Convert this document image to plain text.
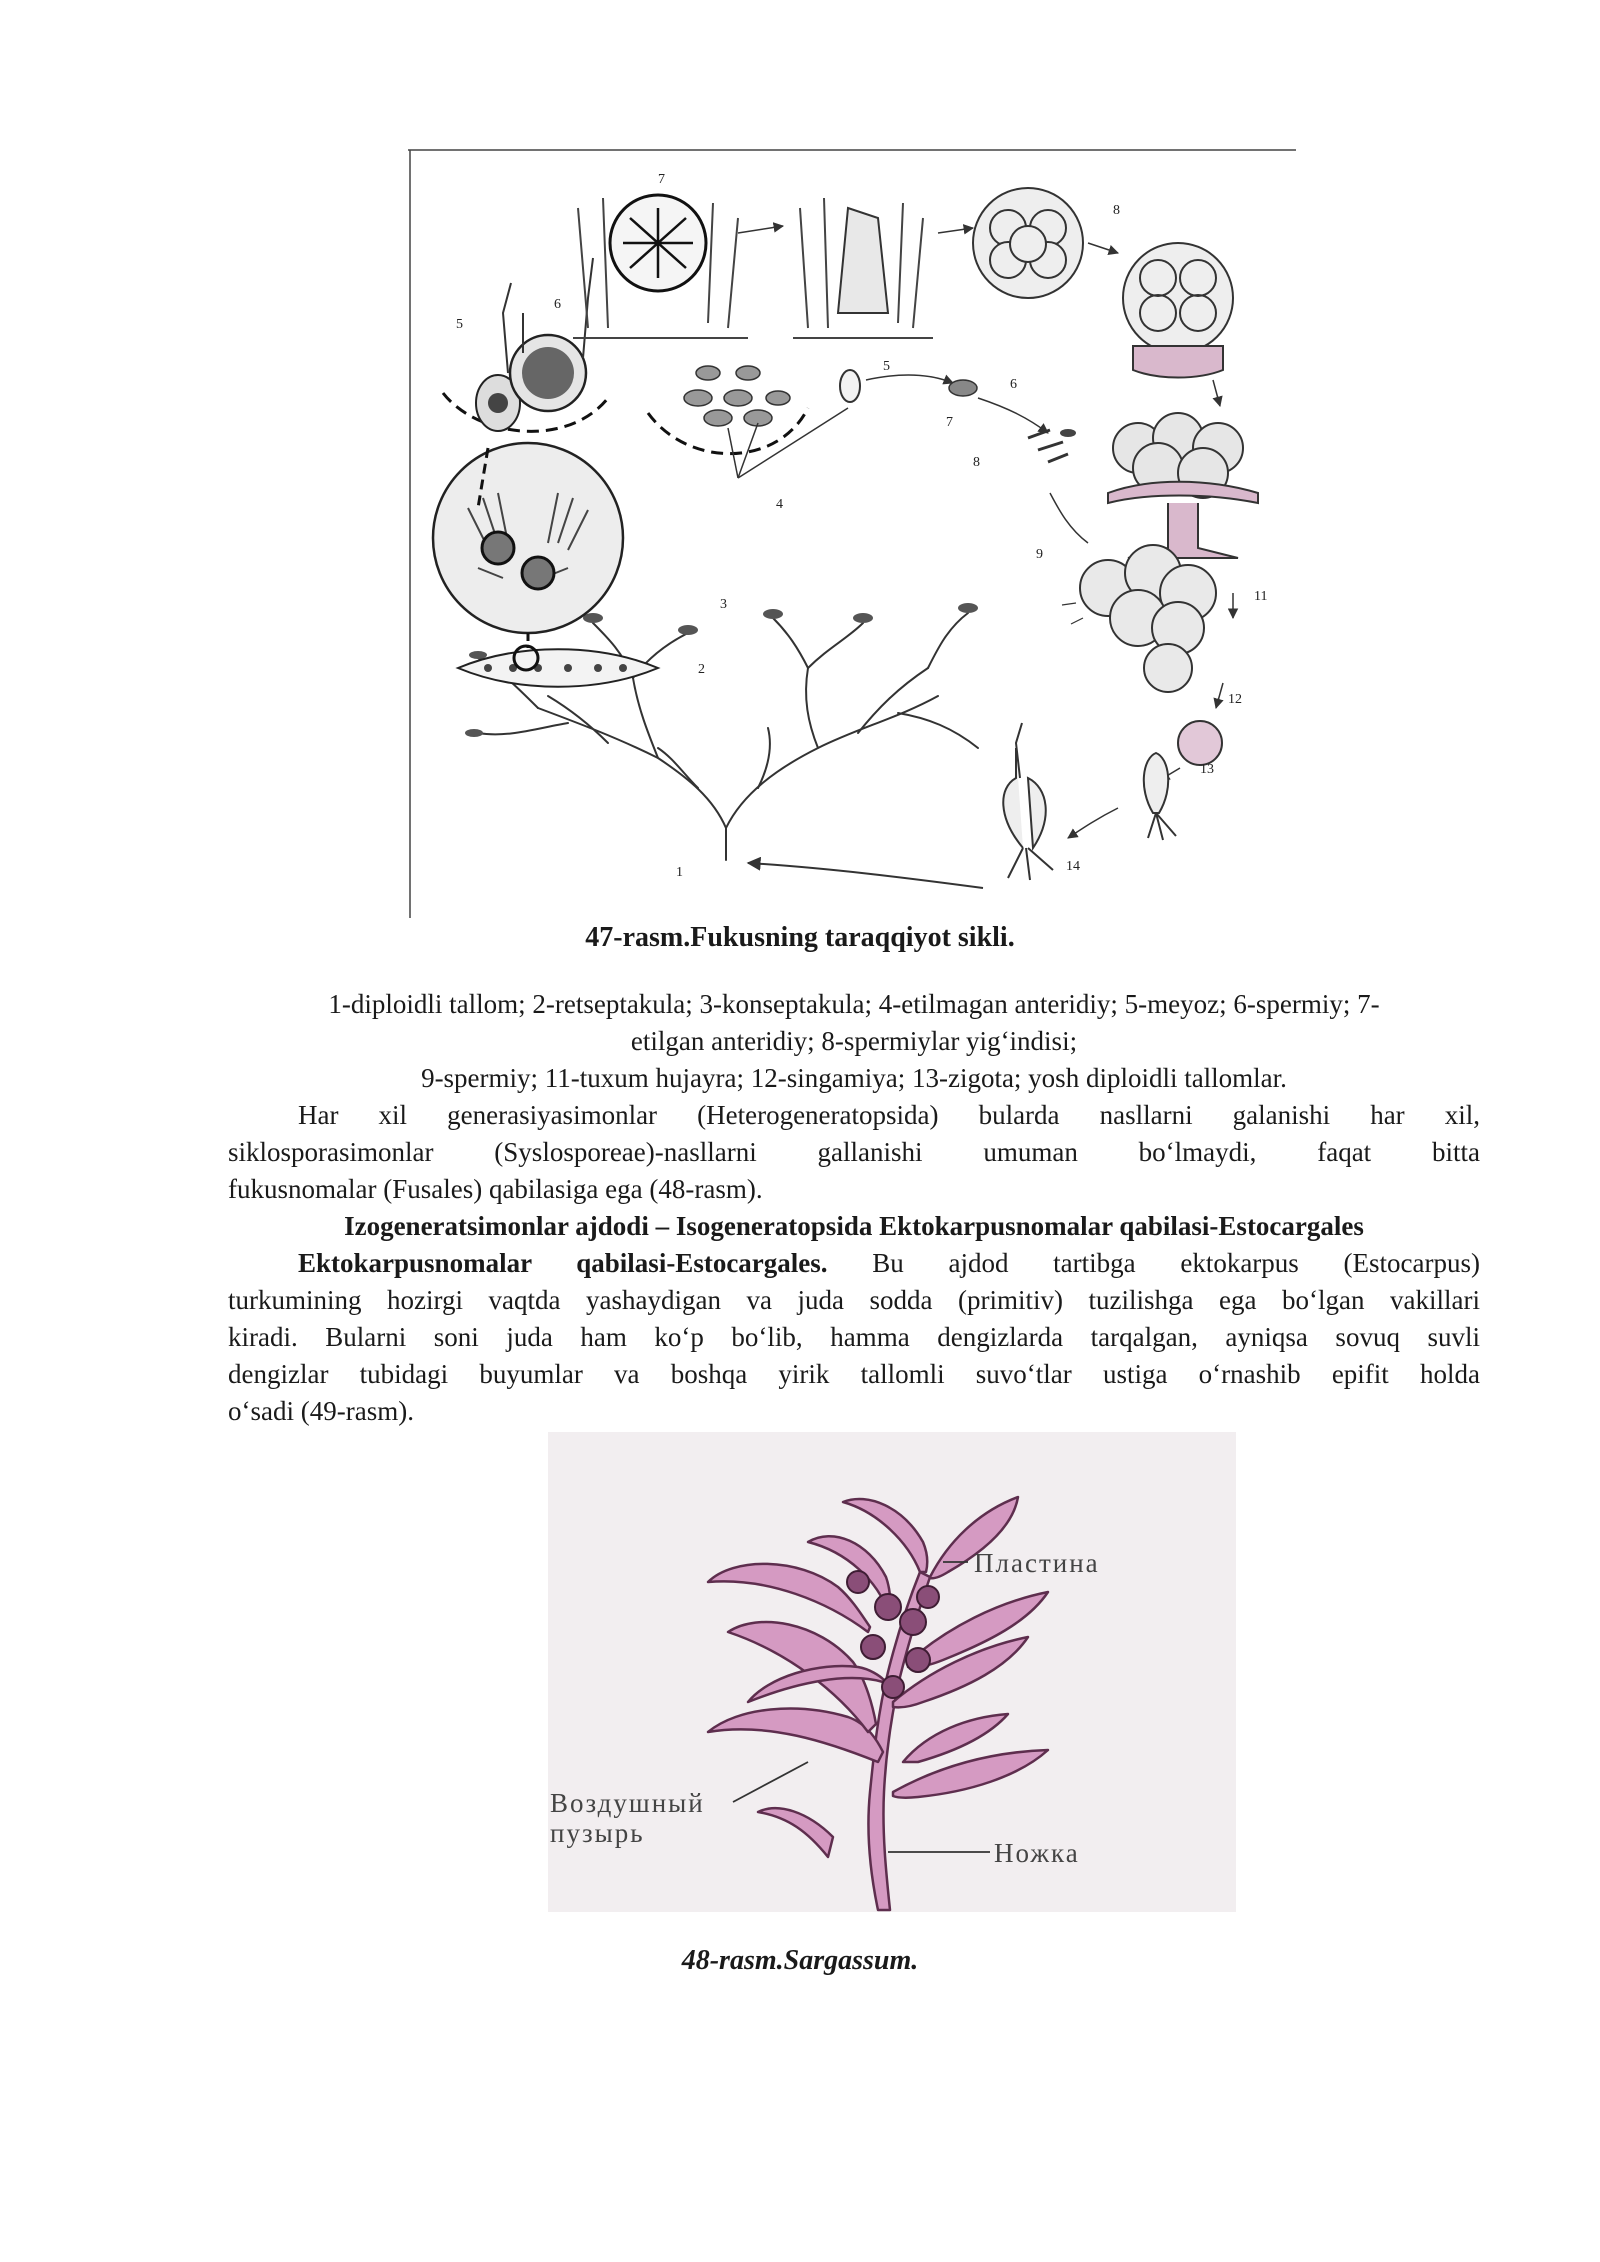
1
2
3
4
5
6
7
8
5
6
7
8
9
11
12
13
14
47-rasm.Fukusning taraqqiyot sikli.
1-diploidli tallom; 2-retseptakula; 3-konseptakula; 4-etilmagan anteridiy; 5-meyoz; 6-spermiy; 7-
etilgan anteridiy; 8-spermiylar yig‘indisi;
9-spermiy; 11-tuxum hujayra; 12-singamiya; 13-zigota; yosh diploidli tallomlar.
Har xil generasiyasimonlar (Heterogeneratopsida) bularda nasllarni galanishi har xil,
siklosporasimonlar (Syslosporeae)-nasllarni gallanishi umuman bo‘lmaydi, faqat bitta
fukusnomalar (Fusales) qabilasiga ega (48-rasm).
Izogeneratsimonlar ajdodi – Isogeneratopsida Ektokarpusnomalar qabilasi-Estocargales
Ektokarpusnomalar qabilasi-Estocargales. Bu ajdod tartibga ektokarpus (Estocarpus)
turkumining hozirgi vaqtda yashaydigan va juda sodda (primitiv) tuzilishga ega bo‘lgan vakillari
kiradi. Bularni soni juda ham ko‘p bo‘lib, hamma dengizlarda tarqalgan, ayniqsa sovuq suvli
dengizlar tubidagi buyumlar va boshqa yirik tallomli suvo‘tlar ustiga o‘rnashib epifit holda
o‘sadi (49-rasm).
Пластина
Воздушный
пузырь
Ножка
48-rasm.Sargassum.
